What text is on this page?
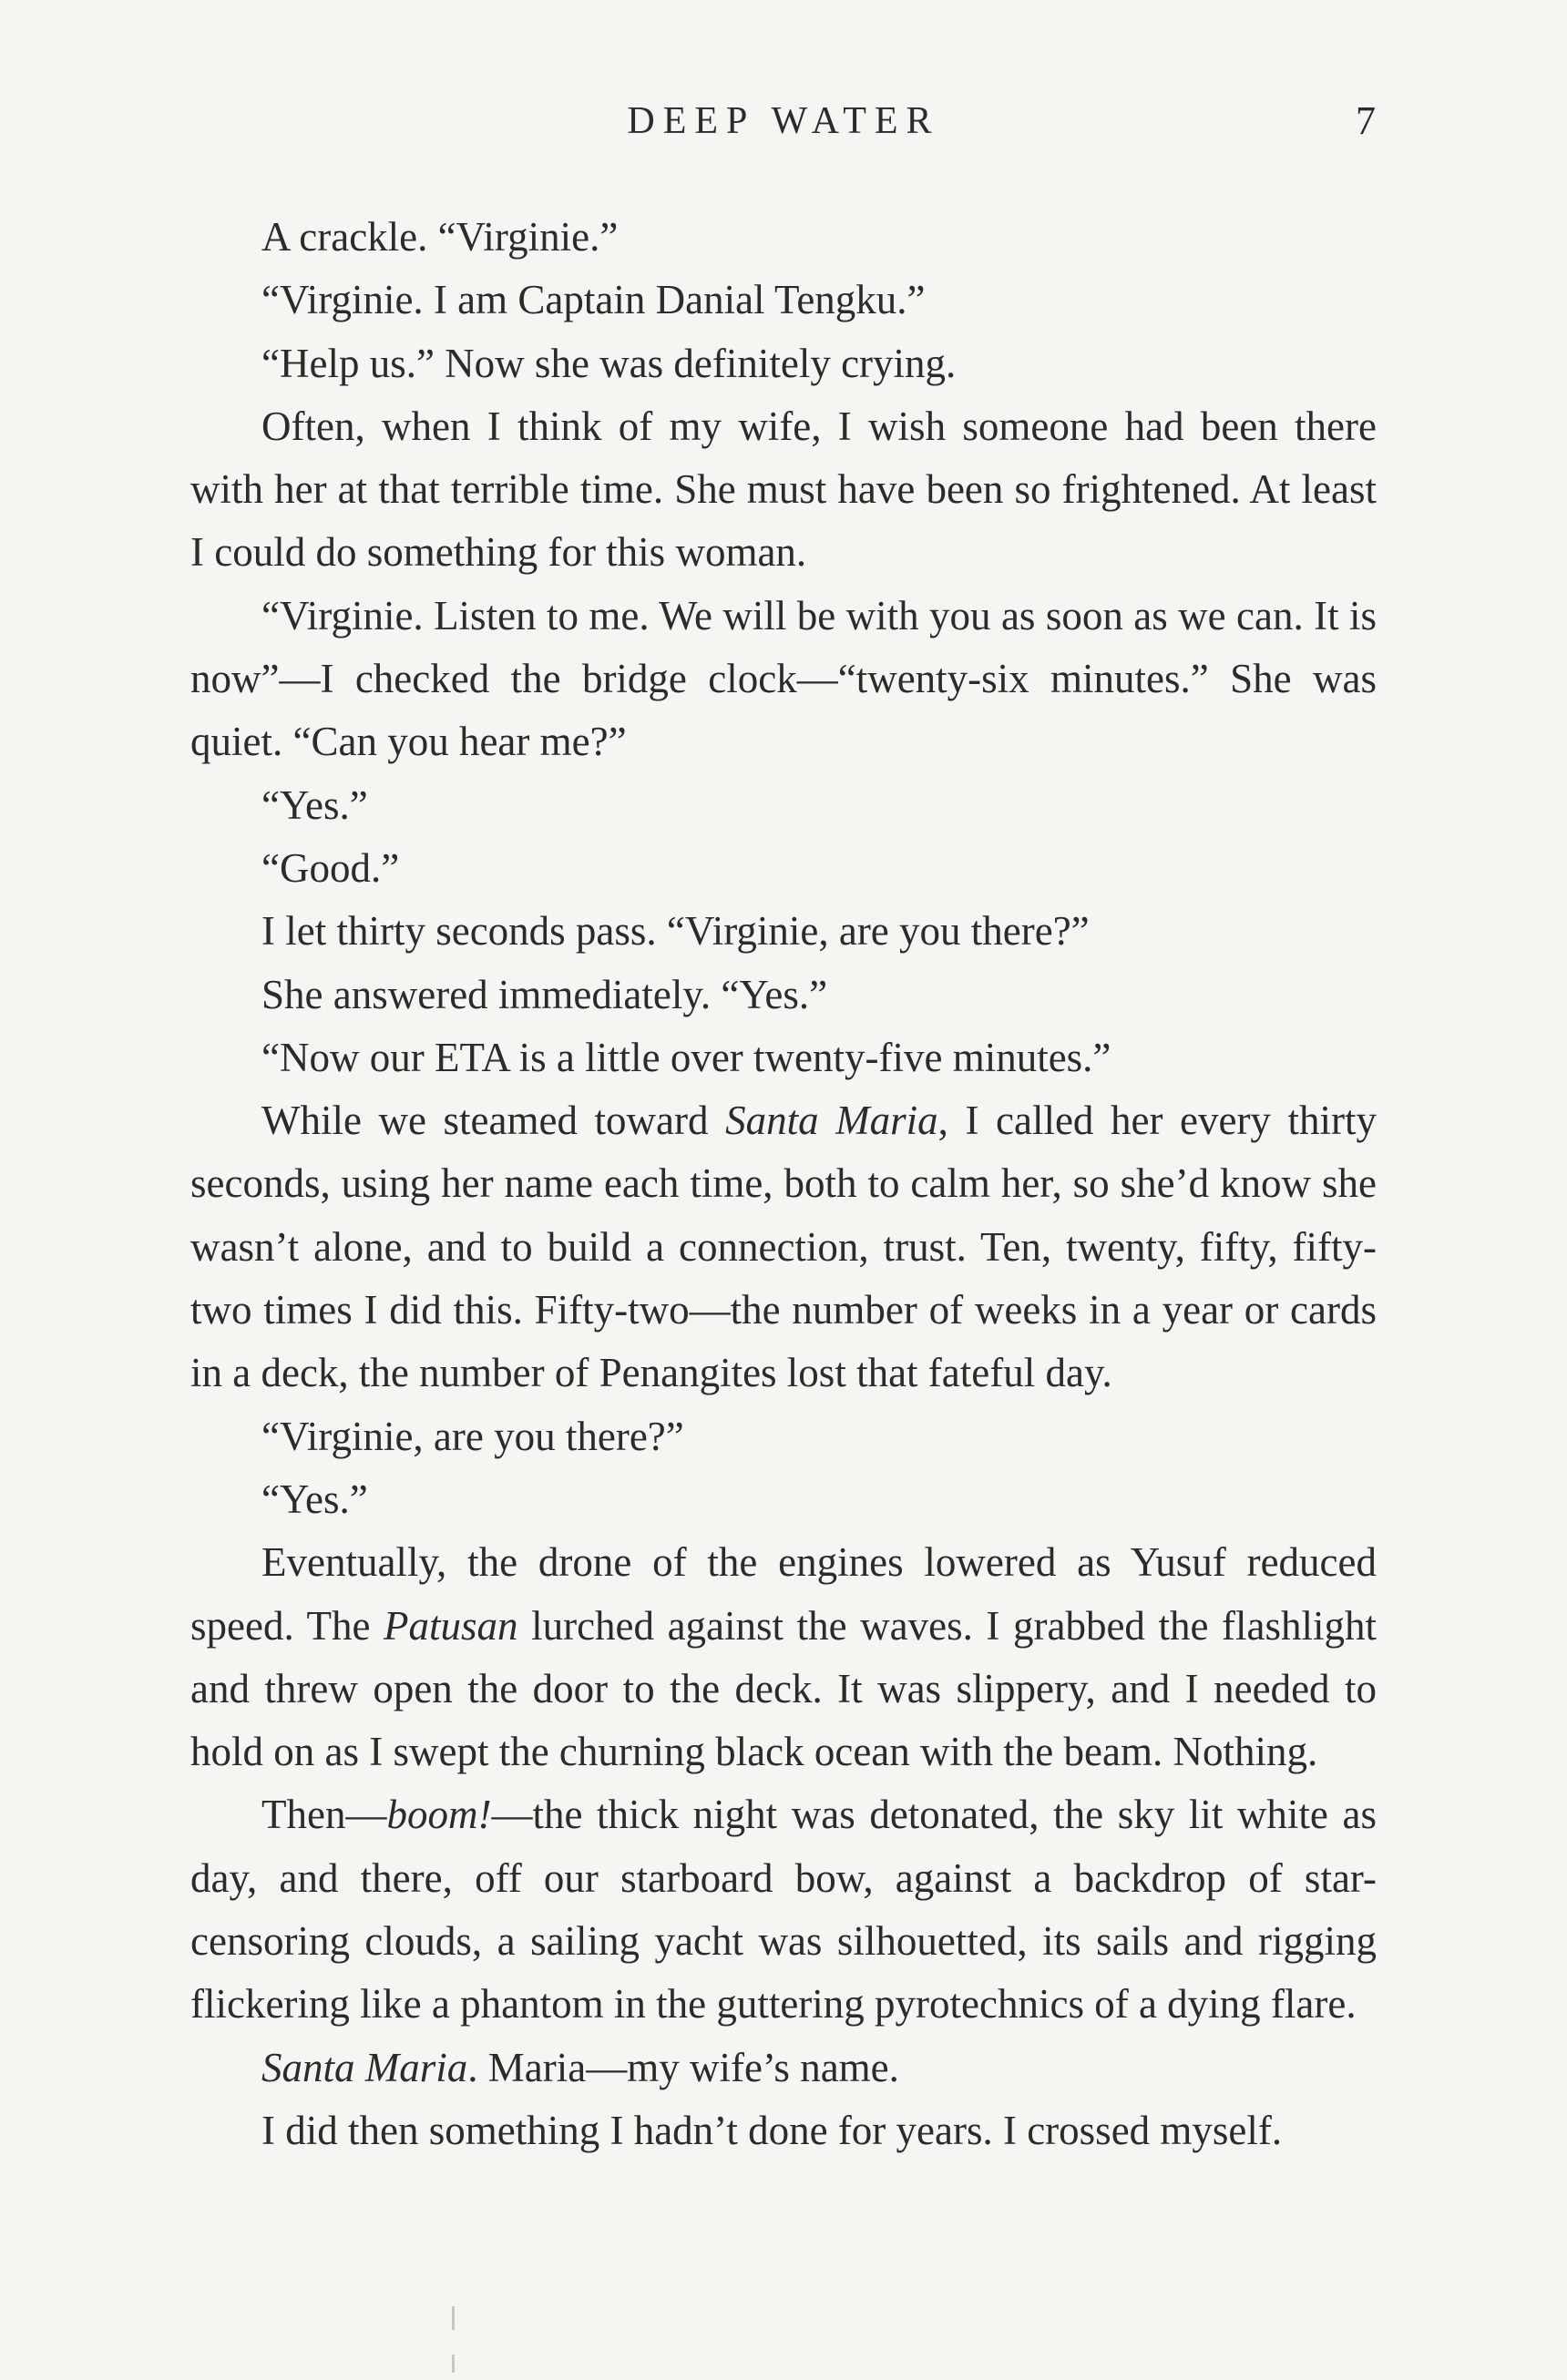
DEEP WATER	7

A crackle. “Virginie.”

“Virginie. I am Captain Danial Tengku.”

“Help us.” Now she was definitely crying.

Often, when I think of my wife, I wish someone had been there with her at that terrible time. She must have been so frightened. At least I could do something for this woman.

“Virginie. Listen to me. We will be with you as soon as we can. It is now”—I checked the bridge clock—“twenty-six minutes.” She was quiet. “Can you hear me?”

“Yes.”

“Good.”

I let thirty seconds pass. “Virginie, are you there?”

She answered immediately. “Yes.”

“Now our ETA is a little over twenty-five minutes.”

While we steamed toward Santa Maria, I called her every thirty seconds, using her name each time, both to calm her, so she’d know she wasn’t alone, and to build a connection, trust. Ten, twenty, fifty, fifty-two times I did this. Fifty-two—the number of weeks in a year or cards in a deck, the number of Penangites lost that fateful day.

“Virginie, are you there?”

“Yes.”

Eventually, the drone of the engines lowered as Yusuf reduced speed. The Patusan lurched against the waves. I grabbed the flashlight and threw open the door to the deck. It was slippery, and I needed to hold on as I swept the churning black ocean with the beam. Nothing.

Then—boom!—the thick night was detonated, the sky lit white as day, and there, off our starboard bow, against a backdrop of star-censoring clouds, a sailing yacht was silhouetted, its sails and rigging flickering like a phantom in the guttering pyrotechnics of a dying flare.

Santa Maria. Maria—my wife’s name.

I did then something I hadn’t done for years. I crossed myself.
